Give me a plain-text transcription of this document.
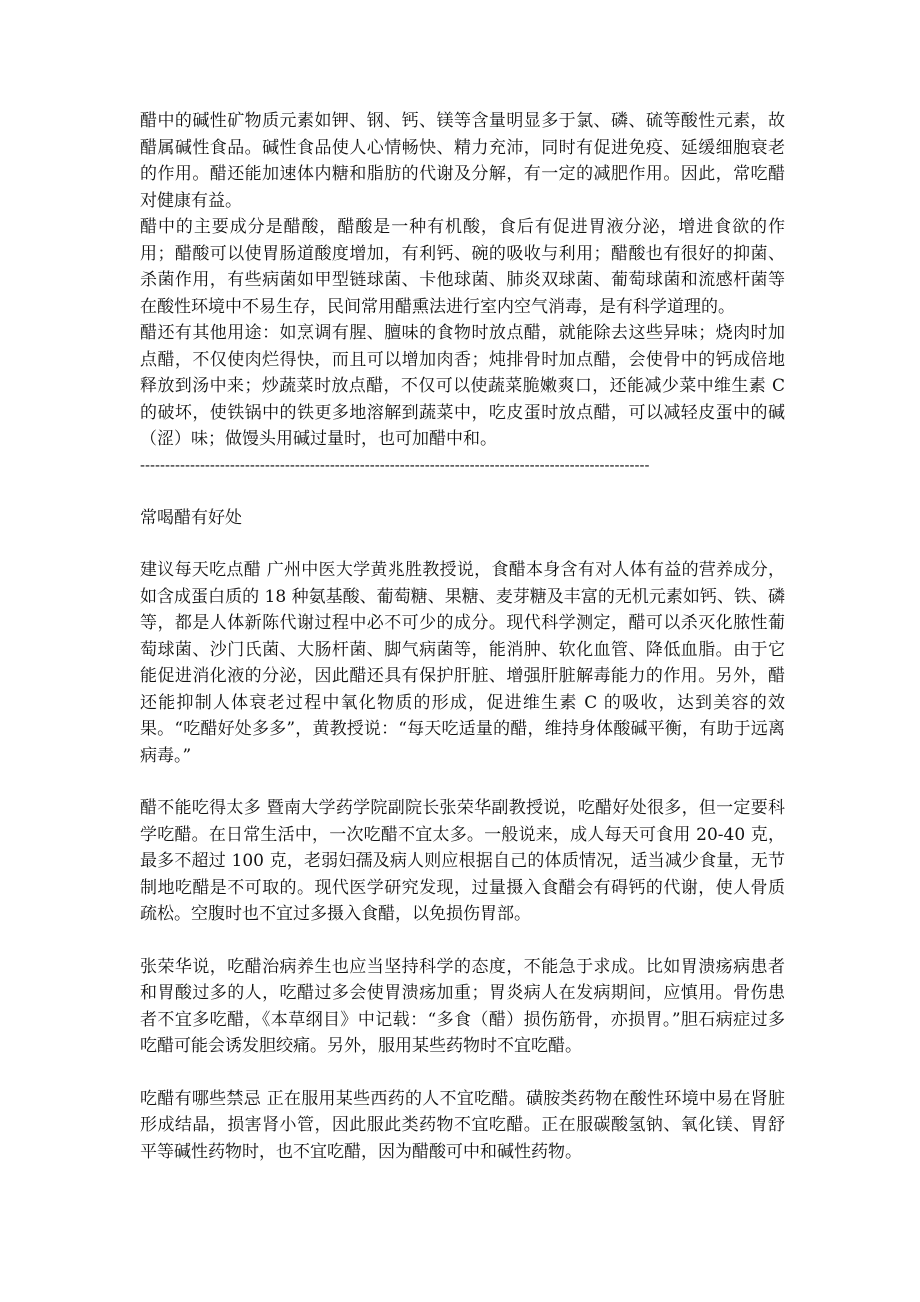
醋中的碱性矿物质元素如钾、钢、钙、镁等含量明显多于氯、磷、硫等酸性元素，故醋属碱性食品。碱性食品使人心情畅快、精力充沛，同时有促进免疫、延缓细胞衰老的作用。醋还能加速体内糖和脂肪的代谢及分解，有一定的减肥作用。因此，常吃醋对健康有益。

醋中的主要成分是醋酸，醋酸是一种有机酸，食后有促进胃液分泌，增进食欲的作用；醋酸可以使胃肠道酸度增加，有利钙、碗的吸收与利用；醋酸也有很好的抑菌、杀菌作用，有些病菌如甲型链球菌、卡他球菌、肺炎双球菌、葡萄球菌和流感杆菌等在酸性环境中不易生存，民间常用醋熏法进行室内空气消毒，是有科学道理的。

醋还有其他用途：如烹调有腥、膻味的食物时放点醋，就能除去这些异味；烧肉时加点醋，不仅使肉烂得快，而且可以增加肉香；炖排骨时加点醋，会使骨中的钙成倍地释放到汤中来；炒蔬菜时放点醋，不仅可以使蔬菜脆嫩爽口，还能减少菜中维生素 C 的破坏，使铁锅中的铁更多地溶解到蔬菜中，吃皮蛋时放点醋，可以减轻皮蛋中的碱（涩）味；做馒头用碱过量时，也可加醋中和。

------------------------------------------------------------------------------------------------------

常喝醋有好处

建议每天吃点醋 广州中医大学黄兆胜教授说，食醋本身含有对人体有益的营养成分，如含成蛋白质的 18 种氨基酸、葡萄糖、果糖、麦芽糖及丰富的无机元素如钙、铁、磷等，都是人体新陈代谢过程中必不可少的成分。现代科学测定，醋可以杀灭化脓性葡萄球菌、沙门氏菌、大肠杆菌、脚气病菌等，能消肿、软化血管、降低血脂。由于它能促进消化液的分泌，因此醋还具有保护肝脏、增强肝脏解毒能力的作用。另外，醋还能抑制人体衰老过程中氧化物质的形成，促进维生素 C 的吸收，达到美容的效果。“吃醋好处多多”，黄教授说：“每天吃适量的醋，维持身体酸碱平衡，有助于远离病毒。”

醋不能吃得太多 暨南大学药学院副院长张荣华副教授说，吃醋好处很多，但一定要科学吃醋。在日常生活中，一次吃醋不宜太多。一般说来，成人每天可食用 20-40 克，最多不超过 100 克，老弱妇孺及病人则应根据自己的体质情况，适当减少食量，无节制地吃醋是不可取的。现代医学研究发现，过量摄入食醋会有碍钙的代谢，使人骨质疏松。空腹时也不宜过多摄入食醋，以免损伤胃部。

张荣华说，吃醋治病养生也应当坚持科学的态度，不能急于求成。比如胃溃疡病患者和胃酸过多的人，吃醋过多会使胃溃疡加重；胃炎病人在发病期间，应慎用。骨伤患者不宜多吃醋，《本草纲目》中记载：“多食（醋）损伤筋骨，亦损胃。”胆石病症过多吃醋可能会诱发胆绞痛。另外，服用某些药物时不宜吃醋。

吃醋有哪些禁忌 正在服用某些西药的人不宜吃醋。磺胺类药物在酸性环境中易在肾脏形成结晶，损害肾小管，因此服此类药物不宜吃醋。正在服碳酸氢钠、氧化镁、胃舒平等碱性药物时，也不宜吃醋，因为醋酸可中和碱性药物。
